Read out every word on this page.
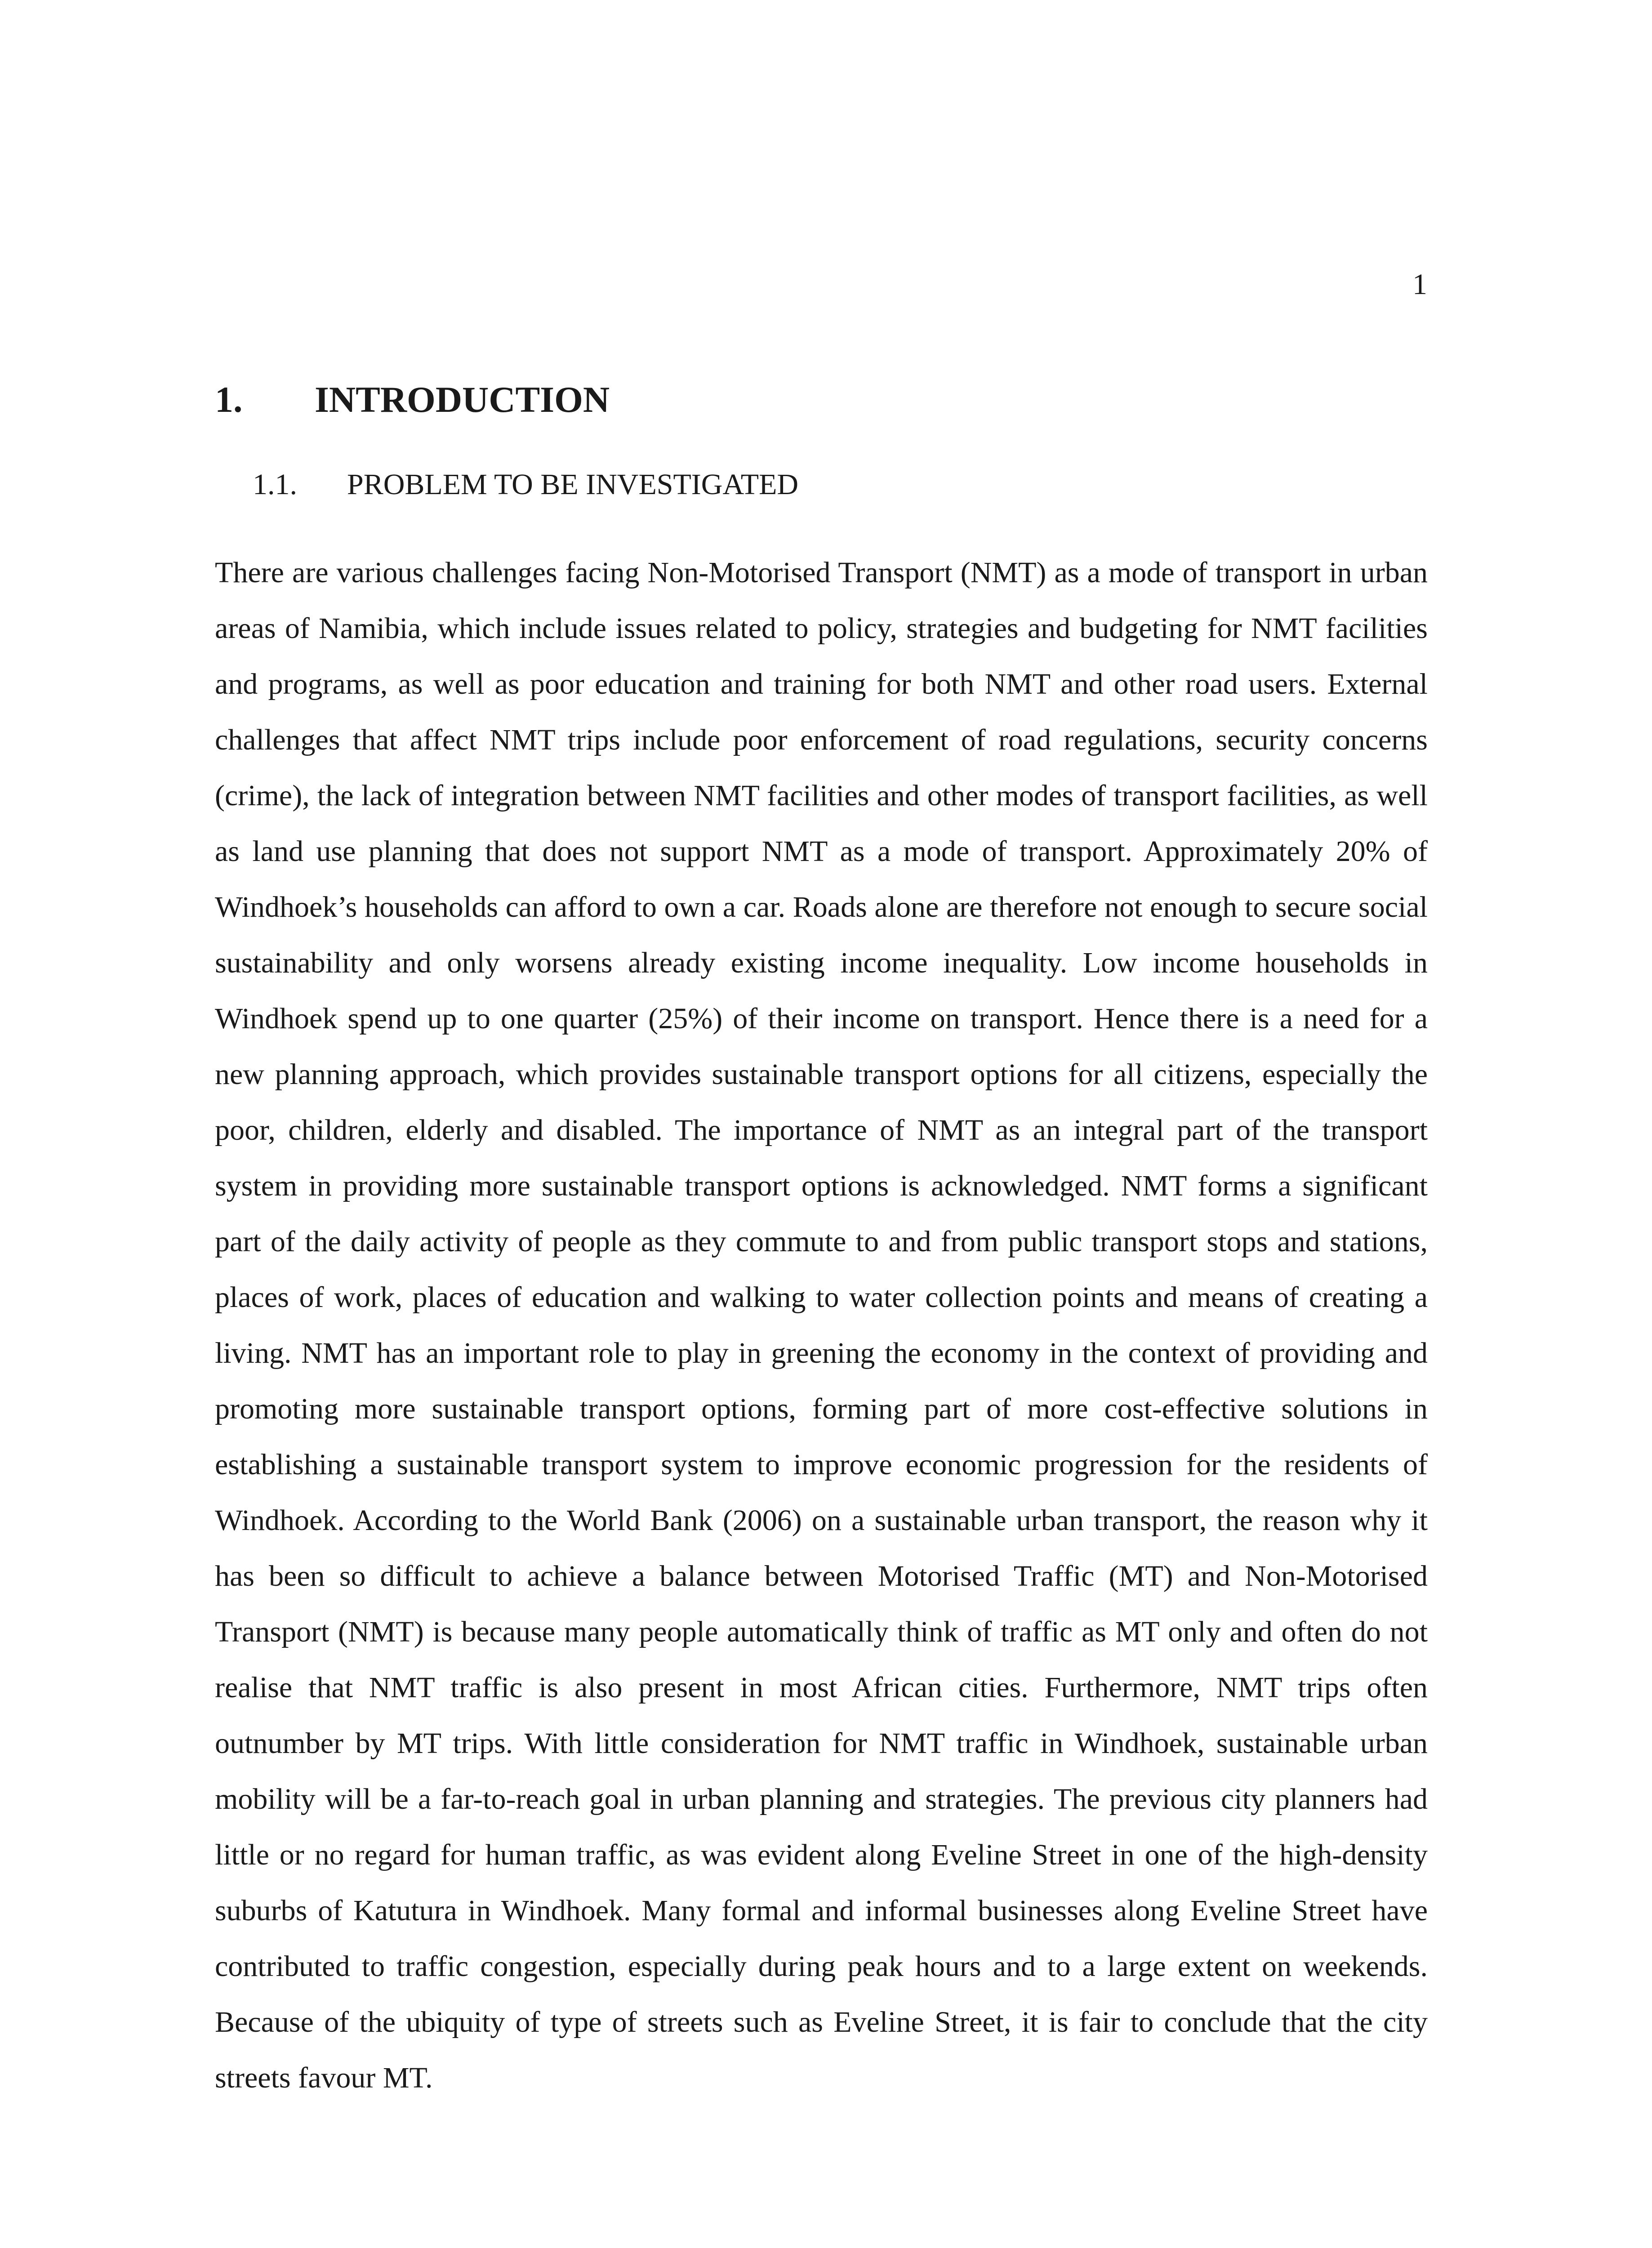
1
1.	INTRODUCTION
1.1.	PROBLEM TO BE INVESTIGATED

There are various challenges facing Non-Motorised Transport (NMT) as a mode of transport in urban areas of Namibia, which include issues related to policy, strategies and budgeting for NMT facilities and programs, as well as poor education and training for both NMT and other road users. External challenges that affect NMT trips include poor enforcement of road regulations, security concerns (crime), the lack of integration between NMT facilities and other modes of transport facilities, as well as land use planning that does not support NMT as a mode of transport. Approximately 20% of Windhoek’s households can afford to own a car. Roads alone are therefore not enough to secure social sustainability and only worsens already existing income inequality. Low income households in Windhoek spend up to one quarter (25%) of their income on transport. Hence there is a need for a new planning approach, which provides sustainable transport options for all citizens, especially the poor, children, elderly and disabled. The importance of NMT as an integral part of the transport system in providing more sustainable transport options is acknowledged. NMT forms a significant part of the daily activity of people as they commute to and from public transport stops and stations, places of work, places of education and walking to water collection points and means of creating a living. NMT has an important role to play in greening the economy in the context of providing and promoting more sustainable transport options, forming part of more cost-effective solutions in establishing a sustainable transport system to improve economic progression for the residents of Windhoek. According to the World Bank (2006) on a sustainable urban transport, the reason why it has been so difficult to achieve a balance between Motorised Traffic (MT) and Non-Motorised Transport (NMT) is because many people automatically think of traffic as MT only and often do not realise that NMT traffic is also present in most African cities. Furthermore, NMT trips often outnumber by MT trips. With little consideration for NMT traffic in Windhoek, sustainable urban mobility will be a far-to-reach goal in urban planning and strategies. The previous city planners had little or no regard for human traffic, as was evident along Eveline Street in one of the high-density suburbs of Katutura in Windhoek. Many formal and informal businesses along Eveline Street have contributed to traffic congestion, especially during peak hours and to a large extent on weekends. Because of the ubiquity of type of streets such as Eveline Street, it is fair to conclude that the city streets favour MT.
